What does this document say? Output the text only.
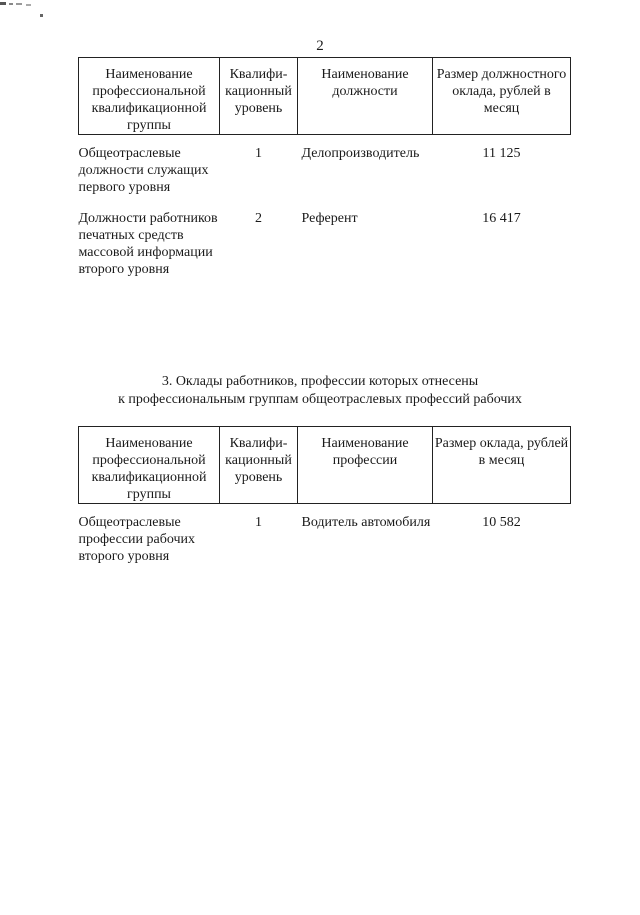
2
Наименование профессиональной квалификационной группы	Квалифи-кационный уровень	Наименование должности	Размер должностного оклада, рублей в месяц
Общеотраслевые должности служащих первого уровня	1	Делопроизводитель	11 125
Должности работников печатных средств массовой информации второго уровня	2	Референт	16 417
3. Оклады работников, профессии которых отнесены
к профессиональным группам общеотраслевых профессий рабочих
Наименование профессиональной квалификационной группы	Квалифи-кационный уровень	Наименование профессии	Размер оклада, рублей в месяц
Общеотраслевые профессии рабочих второго уровня	1	Водитель автомобиля	10 582
